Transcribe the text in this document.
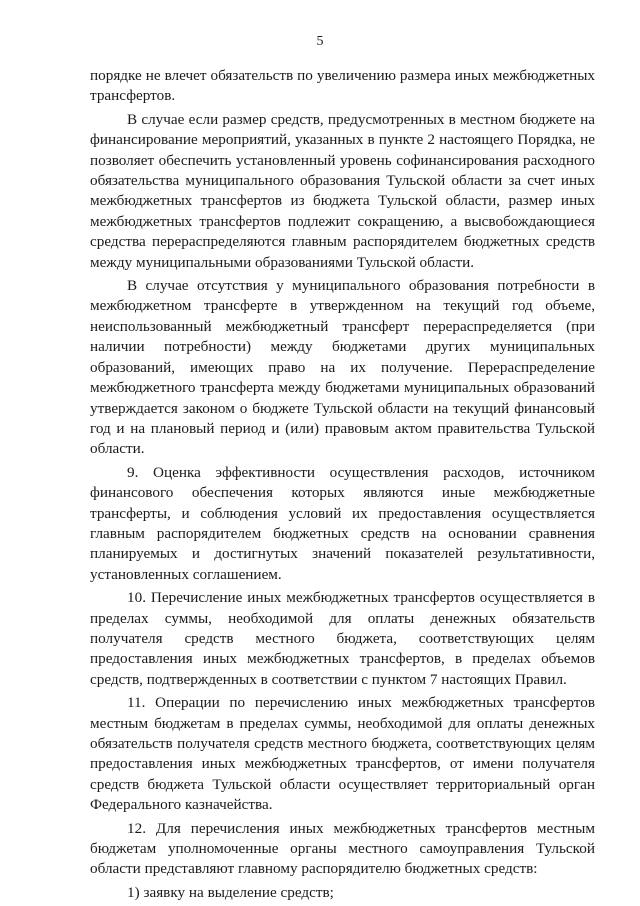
5

порядке не влечет обязательств по увеличению размера иных межбюджетных трансфертов.

В случае если размер средств, предусмотренных в местном бюджете на финансирование мероприятий, указанных в пункте 2 настоящего Порядка, не позволяет обеспечить установленный уровень софинансирования расходного обязательства муниципального образования Тульской области за счет иных межбюджетных трансфертов из бюджета Тульской области, размер иных межбюджетных трансфертов подлежит сокращению, а высвобождающиеся средства перераспределяются главным распорядителем бюджетных средств между муниципальными образованиями Тульской области.

В случае отсутствия у муниципального образования потребности в межбюджетном трансферте в утвержденном на текущий год объеме, неиспользованный межбюджетный трансферт перераспределяется (при наличии потребности) между бюджетами других муниципальных образований, имеющих право на их получение. Перераспределение межбюджетного трансферта между бюджетами муниципальных образований утверждается законом о бюджете Тульской области на текущий финансовый год и на плановый период и (или) правовым актом правительства Тульской области.

9. Оценка эффективности осуществления расходов, источником финансового обеспечения которых являются иные межбюджетные трансферты, и соблюдения условий их предоставления осуществляется главным распорядителем бюджетных средств на основании сравнения планируемых и достигнутых значений показателей результативности, установленных соглашением.

10. Перечисление иных межбюджетных трансфертов осуществляется в пределах суммы, необходимой для оплаты денежных обязательств получателя средств местного бюджета, соответствующих целям предоставления иных межбюджетных трансфертов, в пределах объемов средств, подтвержденных в соответствии с пунктом 7 настоящих Правил.

11. Операции по перечислению иных межбюджетных трансфертов местным бюджетам в пределах суммы, необходимой для оплаты денежных обязательств получателя средств местного бюджета, соответствующих целям предоставления иных межбюджетных трансфертов, от имени получателя средств бюджета Тульской области осуществляет территориальный орган Федерального казначейства.

12. Для перечисления иных межбюджетных трансфертов местным бюджетам уполномоченные органы местного самоуправления Тульской области представляют главному распорядителю бюджетных средств:

1) заявку на выделение средств;
